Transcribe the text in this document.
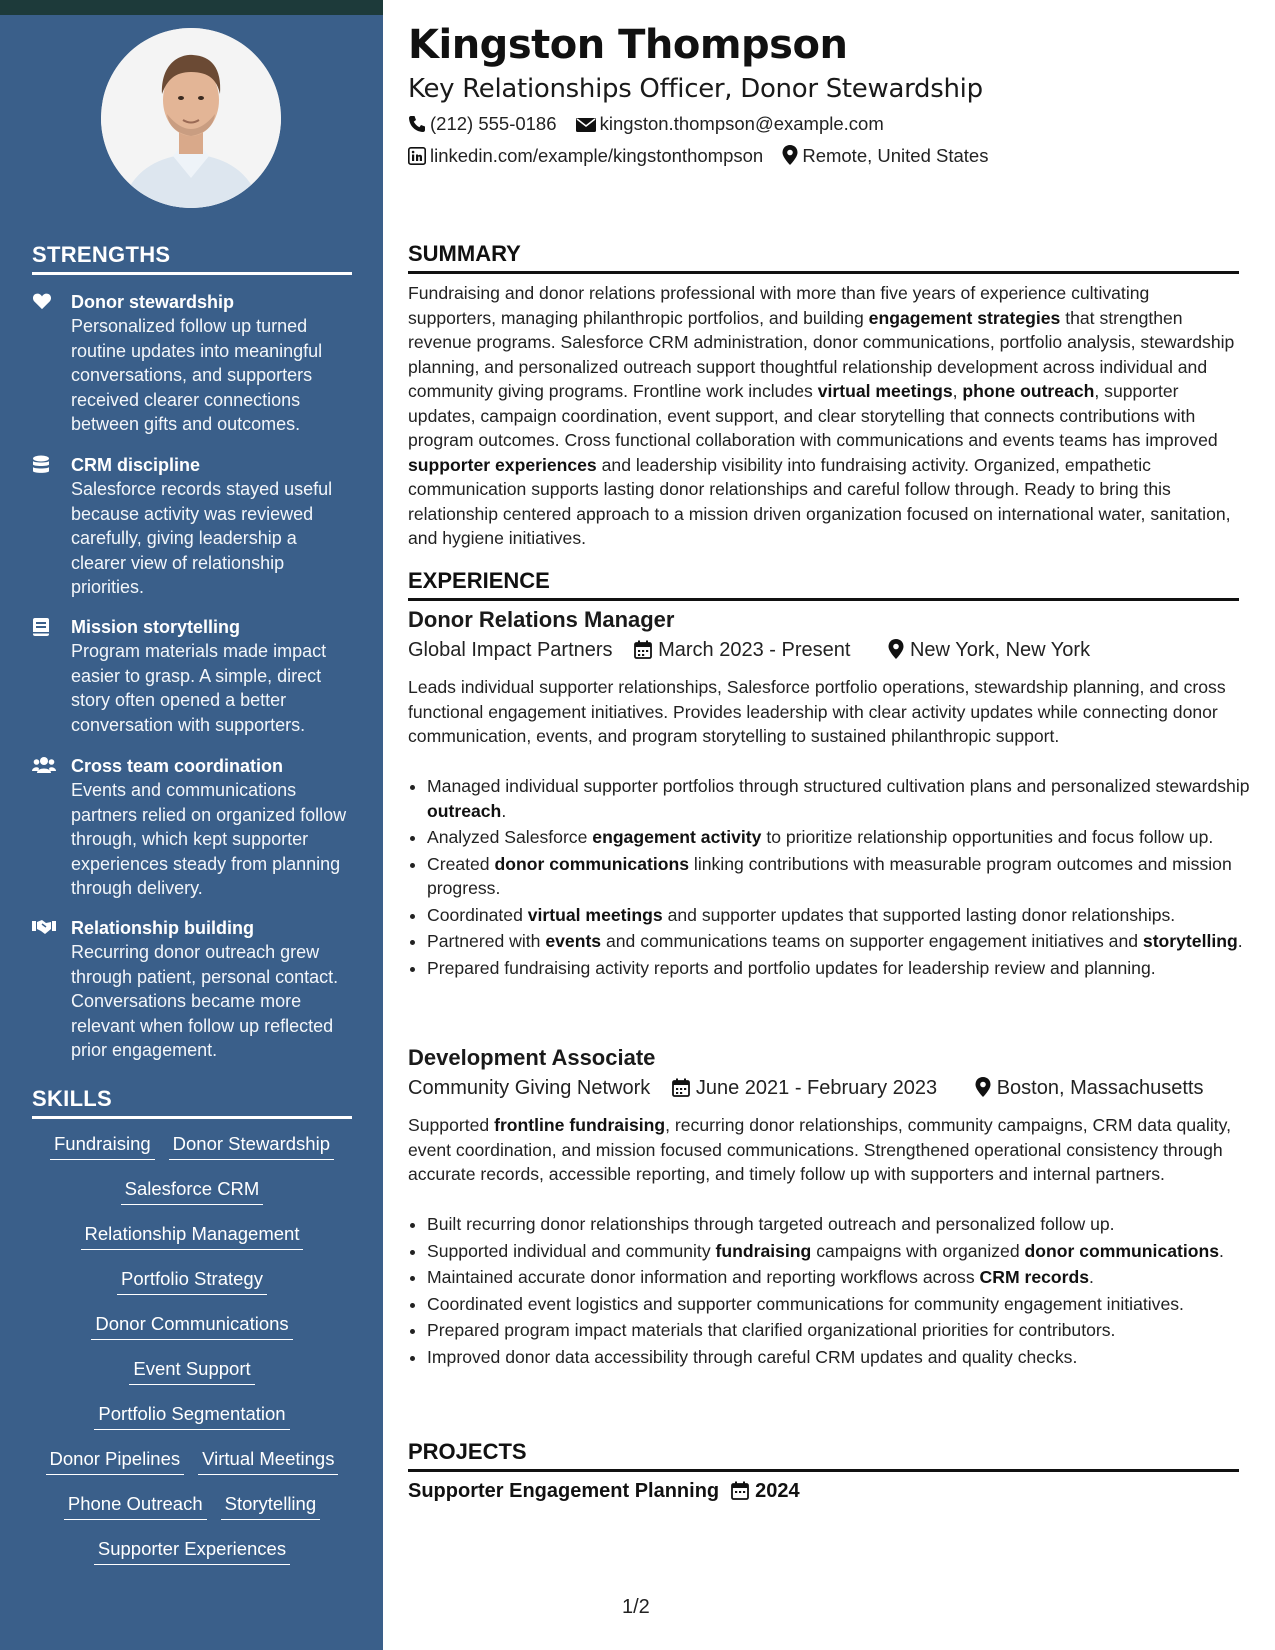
STRENGTHS
Donor stewardship
Personalized follow up turned routine updates into meaningful conversations, and supporters received clearer connections between gifts and outcomes.
CRM discipline
Salesforce records stayed useful because activity was reviewed carefully, giving leadership a clearer view of relationship priorities.
Mission storytelling
Program materials made impact easier to grasp. A simple, direct story often opened a better conversation with supporters.
Cross team coordination
Events and communications partners relied on organized follow through, which kept supporter experiences steady from planning through delivery.
Relationship building
Recurring donor outreach grew through patient, personal contact. Conversations became more relevant when follow up reflected prior engagement.
SKILLS
Fundraising Donor Stewardship
Salesforce CRM
Relationship Management
Portfolio Strategy
Donor Communications
Event Support
Portfolio Segmentation
Donor Pipelines Virtual Meetings
Phone Outreach Storytelling
Supporter Experiences
Kingston Thompson
Key Relationships Officer, Donor Stewardship
(212) 555-0186 kingston.thompson@example.com
linkedin.com/example/kingstonthompson Remote, United States
SUMMARY
Fundraising and donor relations professional with more than five years of experience cultivating supporters, managing philanthropic portfolios, and building engagement strategies that strengthen revenue programs. Salesforce CRM administration, donor communications, portfolio analysis, stewardship planning, and personalized outreach support thoughtful relationship development across individual and community giving programs. Frontline work includes virtual meetings, phone outreach, supporter updates, campaign coordination, event support, and clear storytelling that connects contributions with program outcomes. Cross functional collaboration with communications and events teams has improved supporter experiences and leadership visibility into fundraising activity. Organized, empathetic communication supports lasting donor relationships and careful follow through. Ready to bring this relationship centered approach to a mission driven organization focused on international water, sanitation, and hygiene initiatives.
EXPERIENCE
Donor Relations Manager
Global Impact Partners March 2023 - Present	New York, New York
Leads individual supporter relationships, Salesforce portfolio operations, stewardship planning, and cross functional engagement initiatives. Provides leadership with clear activity updates while connecting donor communication, events, and program storytelling to sustained philanthropic support.
• Managed individual supporter portfolios through structured cultivation plans and personalized stewardship outreach.
• Analyzed Salesforce engagement activity to prioritize relationship opportunities and focus follow up.
• Created donor communications linking contributions with measurable program outcomes and mission progress.
• Coordinated virtual meetings and supporter updates that supported lasting donor relationships.
• Partnered with events and communications teams on supporter engagement initiatives and storytelling.
• Prepared fundraising activity reports and portfolio updates for leadership review and planning.
Development Associate
Community Giving Network June 2021 - February 2023	Boston, Massachusetts
Supported frontline fundraising, recurring donor relationships, community campaigns, CRM data quality, event coordination, and mission focused communications. Strengthened operational consistency through accurate records, accessible reporting, and timely follow up with supporters and internal partners.
• Built recurring donor relationships through targeted outreach and personalized follow up.
• Supported individual and community fundraising campaigns with organized donor communications.
• Maintained accurate donor information and reporting workflows across CRM records.
• Coordinated event logistics and supporter communications for community engagement initiatives.
• Prepared program impact materials that clarified organizational priorities for contributors.
• Improved donor data accessibility through careful CRM updates and quality checks.
PROJECTS
Supporter Engagement Planning 2024
1/2
